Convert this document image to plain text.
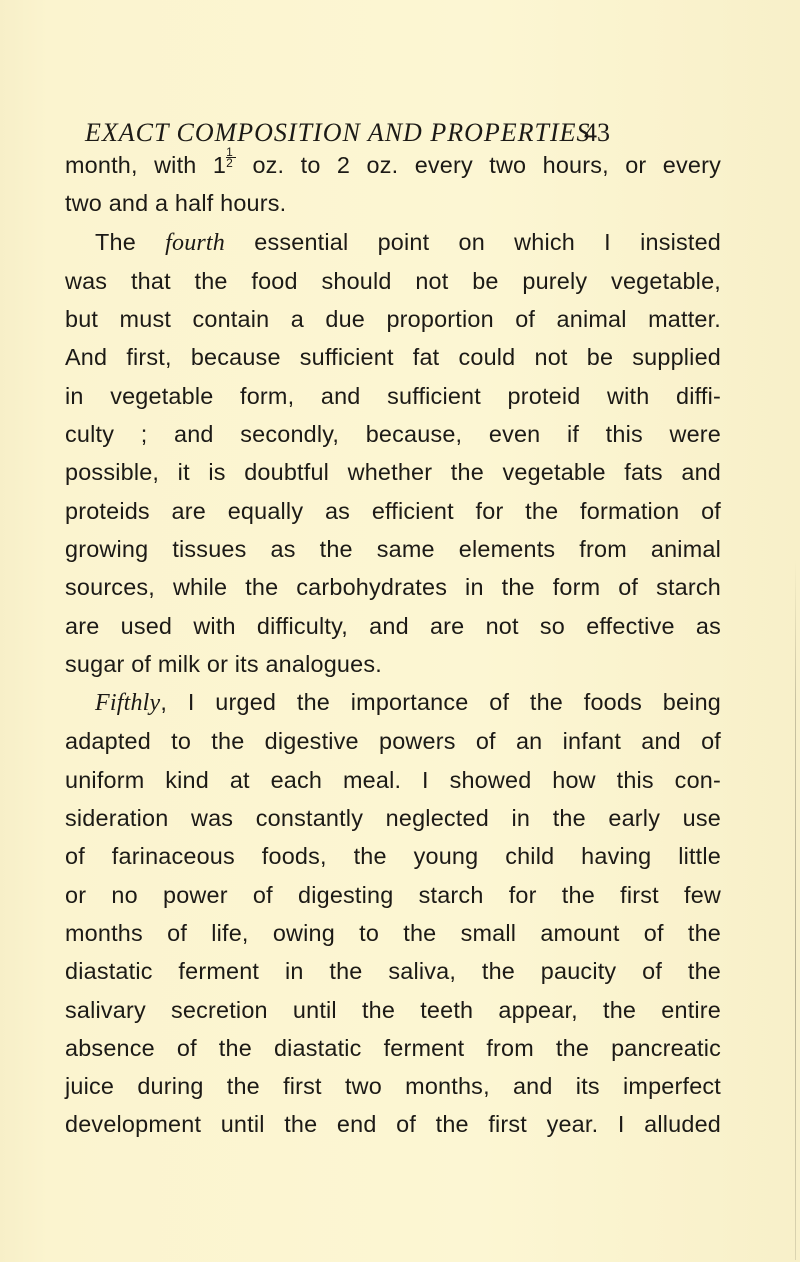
EXACT COMPOSITION AND PROPERTIES
43
month, with $1 \frac{1}{2}$ oz. to 2 oz. every two hours, or every
two and a half hours.
The fourth essential point on which I insisted
was that the food should not be purely vegetable,
but must contain a due proportion of animal matter.
And first, because sufficient fat could not be supplied
in vegetable form, and sufficient proteid with diffi-
culty ; and secondly, because, even if this were
possible, it is doubtful whether the vegetable fats and
proteids are equally as efficient for the formation of
growing tissues as the same elements from animal
sources, while the carbohydrates in the form of starch
are used with difficulty, and are not so effective as
sugar of milk or its analogues.
Fifthly, I urged the importance of the foods being
adapted to the digestive powers of an infant and of
uniform kind at each meal. I showed how this con-
sideration was constantly neglected in the early use
of farinaceous foods, the young child having little
or no power of digesting starch for the first few
months of life, owing to the small amount of the
diastatic ferment in the saliva, the paucity of the
salivary secretion until the teeth appear, the entire
absence of the diastatic ferment from the pancreatic
juice during the first two months, and its imperfect
development until the end of the first year. I alluded
